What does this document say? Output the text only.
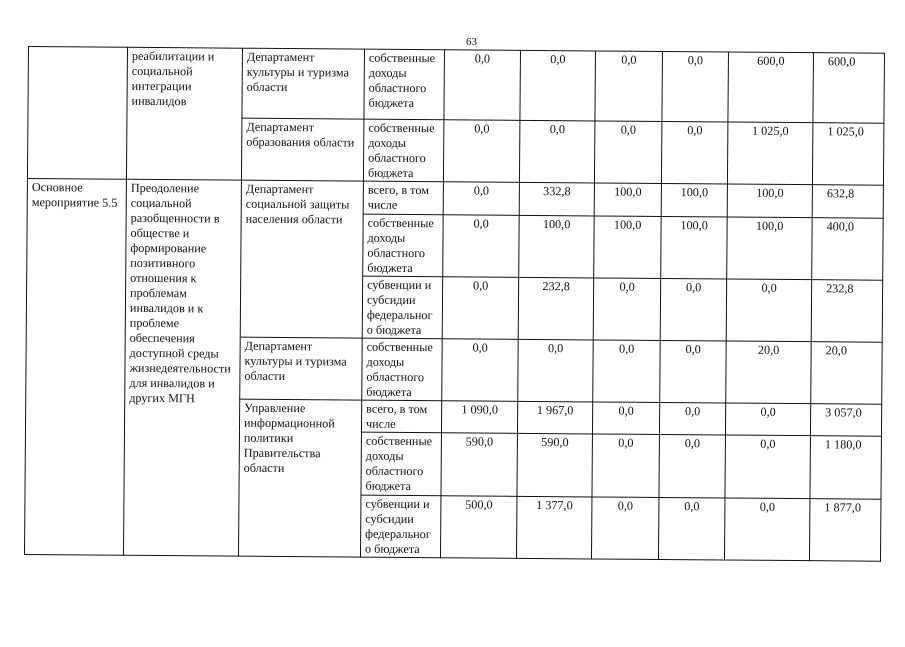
63
	реабилитации и социальной интеграции инвалидов	Департамент культуры и туризма области	собственные доходы областного бюджета	0,0	0,0	0,0	0,0	600,0	600,0
		Департамент образования области	собственные доходы областного бюджета	0,0	0,0	0,0	0,0	1 025,0	1 025,0
Основное мероприятие 5.5	Преодоление социальной разобщенности в обществе и формирование позитивного отношения к проблемам инвалидов и к проблеме обеспечения доступной среды жизнедеятельности для инвалидов и других МГН	Департамент социальной защиты населения области	всего, в том числе	0,0	332,8	100,0	100,0	100,0	632,8
			собственные доходы областного бюджета	0,0	100,0	100,0	100,0	100,0	400,0
			субвенции и субсидии федерального бюджета	0,0	232,8	0,0	0,0	0,0	232,8
		Департамент культуры и туризма области	собственные доходы областного бюджета	0,0	0,0	0,0	0,0	20,0	20,0
		Управление информационной политики Правительства области	всего, в том числе	1 090,0	1 967,0	0,0	0,0	0,0	3 057,0
			собственные доходы областного бюджета	590,0	590,0	0,0	0,0	0,0	1 180,0
			субвенции и субсидии федерального бюджета	500,0	1 377,0	0,0	0,0	0,0	1 877,0
